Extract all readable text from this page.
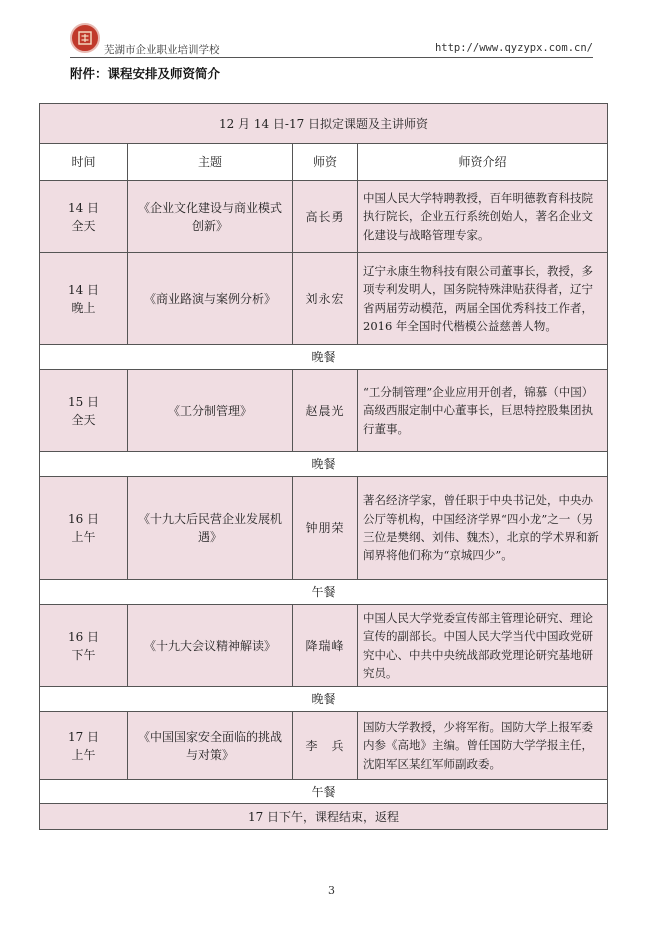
芜湖市企业职业培训学校	http://www.qyzypx.com.cn/
附件：课程安排及师资简介
12 月 14 日-17 日拟定课题及主讲师资			
时间	主题	师资	师资介绍

14 日
全天	《企业文化建设与商业模式创新》	高长勇	中国人民大学特聘教授，百年明德教育科技院执行院长，企业五行系统创始人，著名企业文化建设与战略管理专家。

14 日
晚上	《商业路演与案例分析》	刘永宏	辽宁永康生物科技有限公司董事长，教授，多项专利发明人，国务院特殊津贴获得者，辽宁省两届劳动模范，两届全国优秀科技工作者，2016 年全国时代楷模公益慈善人物。
晚餐			

15 日
全天	《工分制管理》	赵晨光	“工分制管理”企业应用开创者，锦慕（中国）高级西服定制中心董事长，巨思特控股集团执行董事。
晚餐			

16 日
上午	《十九大后民营企业发展机遇》	钟朋荣	著名经济学家，曾任职于中央书记处，中央办公厅等机构，中国经济学界“四小龙”之一（另三位是樊纲、刘伟、魏杰），北京的学术界和新闻界将他们称为“京城四少”。
午餐			

16 日
下午	《十九大会议精神解读》	降瑞峰	中国人民大学党委宣传部主管理论研究、理论宣传的副部长。中国人民大学当代中国政党研究中心、中共中央统战部政党理论研究基地研究员。
晚餐			

17 日
上午	《中国国家安全面临的挑战与对策》	李　兵	国防大学教授，少将军衔。国防大学上报军委内参《高地》主编。曾任国防大学学报主任，沈阳军区某红军师副政委。
午餐			
17 日下午，课程结束，返程			
3
